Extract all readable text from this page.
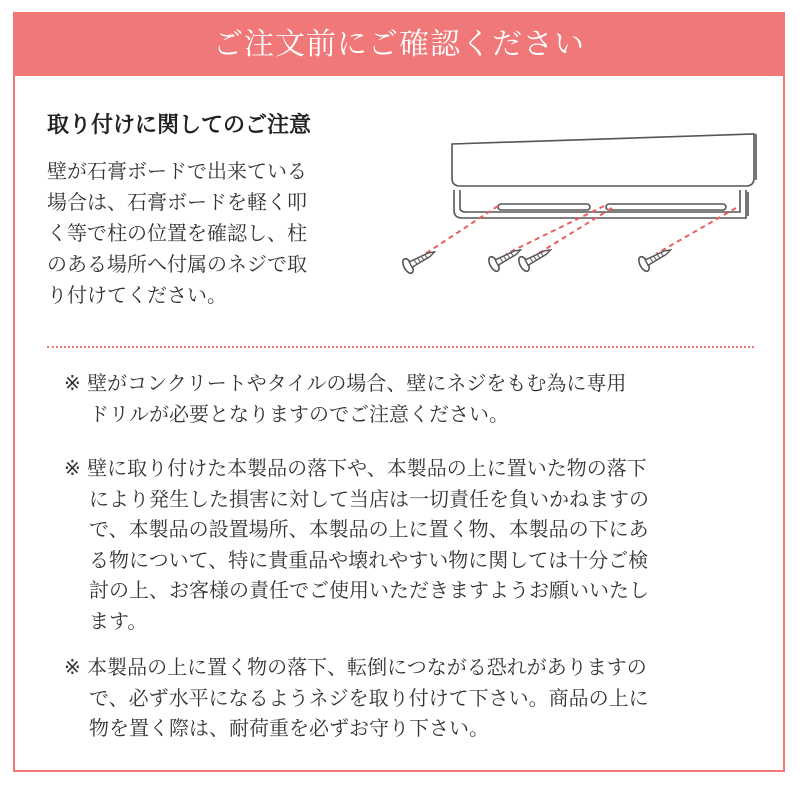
ご注文前にご確認ください
取り付けに関してのご注意

壁が石膏ボードで出来ている
場合は、石膏ボードを軽く叩
く等で柱の位置を確認し、柱
のある場所へ付属のネジで取
り付けてください。

※ 壁がコンクリートやタイルの場合、壁にネジをもむ為に専用
ドリルが必要となりますのでご注意ください。

※ 壁に取り付けた本製品の落下や、本製品の上に置いた物の落下
により発生した損害に対して当店は一切責任を負いかねますの
で、本製品の設置場所、本製品の上に置く物、本製品の下にあ
る物について、特に貴重品や壊れやすい物に関しては十分ご検
討の上、お客様の責任でご使用いただきますようお願いいたし
ます。

※ 本製品の上に置く物の落下、転倒につながる恐れがありますの
で、必ず水平になるようネジを取り付けて下さい。商品の上に
物を置く際は、耐荷重を必ずお守り下さい。
